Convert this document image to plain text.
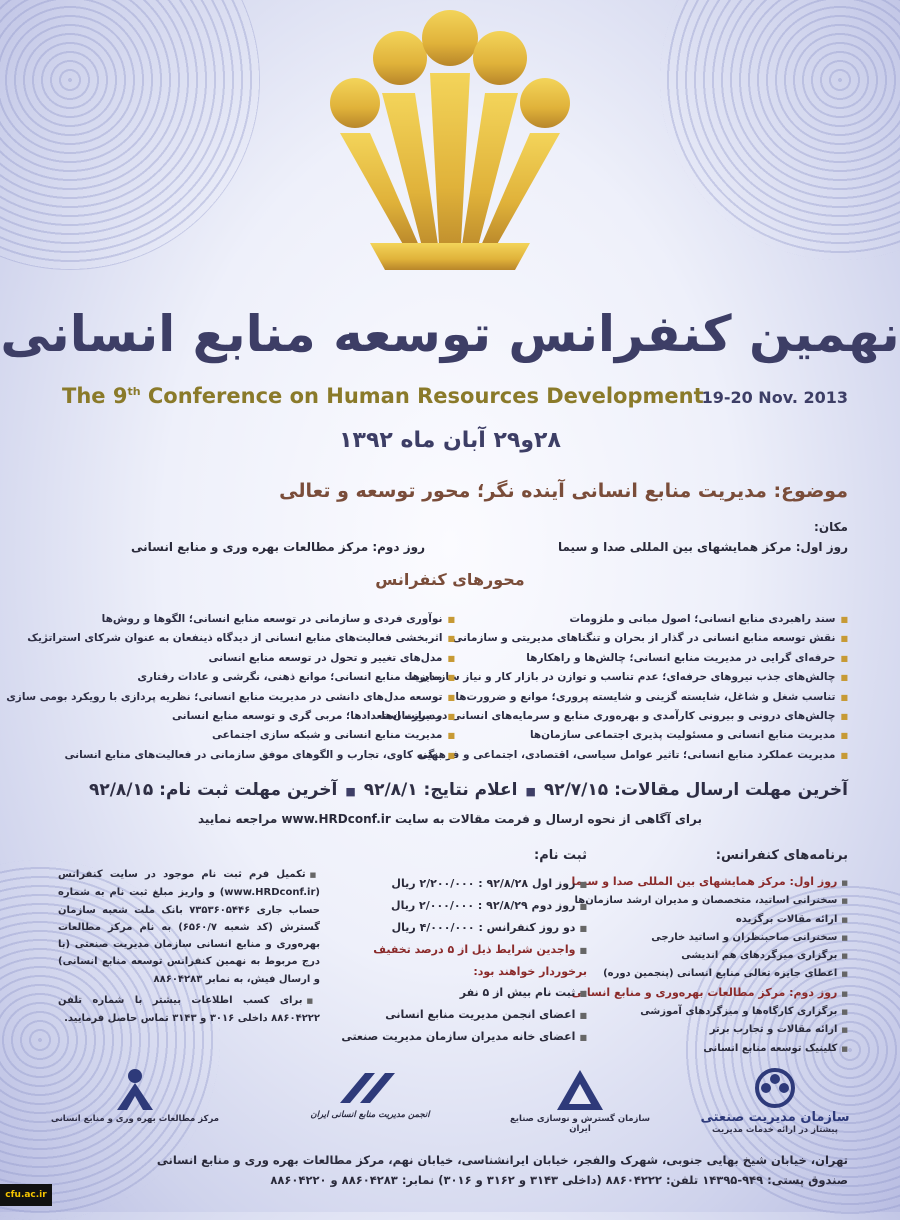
نهمین کنفرانس توسعه منابع انسانی
The 9th Conference on Human Resources Development
19-20 Nov. 2013
۲۸و۲۹ آبان ماه ۱۳۹۲
موضوع: مدیریت منابع انسانی آینده نگر؛ محور توسعه و تعالی
مکان:
روز اول: مرکز همایشهای بین المللی صدا و سیما
روز دوم: مرکز مطالعات بهره وری و منابع انسانی
محورهای کنفرانس
■ سند راهبردی منابع انسانی؛ اصول مبانی و ملزومات
■ نقش توسعه منابع انسانی در گذار از بحران و تنگناهای مدیریتی و سازمانی
■ حرفه‌ای گرایی در مدیریت منابع انسانی؛ چالش‌ها و راهکارها
■ چالش‌های جذب نیروهای حرفه‌ای؛ عدم تناسب و توازن در بازار کار و نیاز سازمان‌ها
■ تناسب شغل و شاغل، شایسته گزینی و شایسته پروری؛ موانع و ضرورت‌ها
■ چالش‌های درونی و بیرونی کارآمدی و بهره‌وری منابع و سرمایه‌های انسانی در سازمان‌ها
■ مدیریت منابع انسانی و مسئولیت پذیری اجتماعی سازمان‌ها
■ مدیریت عملکرد منابع انسانی؛ تاثیر عوامل سیاسی، اقتصادی، اجتماعی و فرهنگی
■ نوآوری فردی و سازمانی در توسعه منابع انسانی؛ الگوها و روش‌ها
■ اثربخشی فعالیت‌های منابع انسانی از دیدگاه ذینفعان به عنوان شرکای استراتژیک
■ مدل‌های تغییر و تحول در توسعه منابع انسانی
■ مدیریت منابع انسانی؛ موانع ذهنی، نگرشی و عادات رفتاری
■ توسعه مدل‌های دانشی در مدیریت منابع انسانی؛ نظریه پردازی با رویکرد بومی سازی
■ مدیریت استعدادها؛ مربی گری و توسعه منابع انسانی
■ مدیریت منابع انسانی و شبکه سازی اجتماعی
■ بهینه کاوی، تجارب و الگوهای موفق سازمانی در فعالیت‌های منابع انسانی
آخرین مهلت ارسال مقالات: ۹۲/۷/۱۵■اعلام نتایج: ۹۲/۸/۱■آخرین مهلت ثبت نام: ۹۲/۸/۱۵
برای آگاهی از نحوه ارسال و فرمت مقالات به سایت www.HRDconf.ir مراجعه نمایید
برنامه‌های کنفرانس:
■ روز اول: مرکز همایشهای بین المللی صدا و سیما
■ سخنرانی اساتید، متخصصان و مدیران ارشد سازمان‌ها
■ ارائه مقالات برگزیده
■ سخنرانی صاحبنظران و اساتید خارجی
■ برگزاری میزگردهای هم اندیشی
■ اعطای جایزه تعالی منابع انسانی (پنجمین دوره)
■ روز دوم: مرکز مطالعات بهره‌وری و منابع انسانی
■ برگزاری کارگاه‌ها و میزگردهای آموزشی
■ ارائه مقالات و تجارب برتر
■ کلینیک توسعه منابع انسانی
ثبت نام:
■ روز اول ۹۲/۸/۲۸ : ۲/۲۰۰/۰۰۰ ریال
■ روز دوم ۹۲/۸/۲۹ : ۲/۰۰۰/۰۰۰ ریال
■ دو روز کنفرانس : ۴/۰۰۰/۰۰۰ ریال
■ واجدین شرایط ذیل از ۵ درصد تخفیف
برخوردار خواهند بود:
■ ثبت نام بیش از ۵ نفر
■ اعضای انجمن مدیریت منابع انسانی
■ اعضای خانه مدیران سازمان مدیریت صنعتی
■ تکمیل فرم ثبت نام موجود در سایت کنفرانس (www.HRDconf.ir) و واریز مبلغ ثبت نام به شماره حساب جاری ۷۳۵۳۶۰۵۴۴۶ بانک ملت شعبه سازمان گسترش (کد شعبه ۶۵۶۰/۷) به نام مرکز مطالعات بهره‌وری و منابع انسانی سازمان مدیریت صنعتی (با درج مربوط به نهمین کنفرانس توسعه منابع انسانی) و ارسال فیش، به نمابر ۸۸۶۰۴۲۸۳
■ برای کسب اطلاعات بیشتر با شماره تلفن ۸۸۶۰۴۲۲۲ داخلی ۳۰۱۶ و ۳۱۴۳ تماس حاصل فرمایید.
سازمان مدیریت صنعتی
پیشتاز در ارائه خدمات مدیریت
سازمان گسترش و نوسازی صنایع ایران
انجمن مدیریت منابع انسانی ایران
مرکز مطالعات بهره وری و منابع انسانی
تهران، خیابان شیخ بهایی جنوبی، شهرک والفجر، خیابان ایرانشناسی، خیابان نهم، مرکز مطالعات بهره وری و منابع انسانی
صندوق پستی: ۹۴۹-۱۴۳۹۵ تلفن: ۸۸۶۰۴۲۲۲ (داخلی ۳۱۴۳ و ۳۱۶۲ و ۳۰۱۶) نمابر: ۸۸۶۰۴۲۸۳ و ۸۸۶۰۴۲۲۰
cfu.ac.ir
